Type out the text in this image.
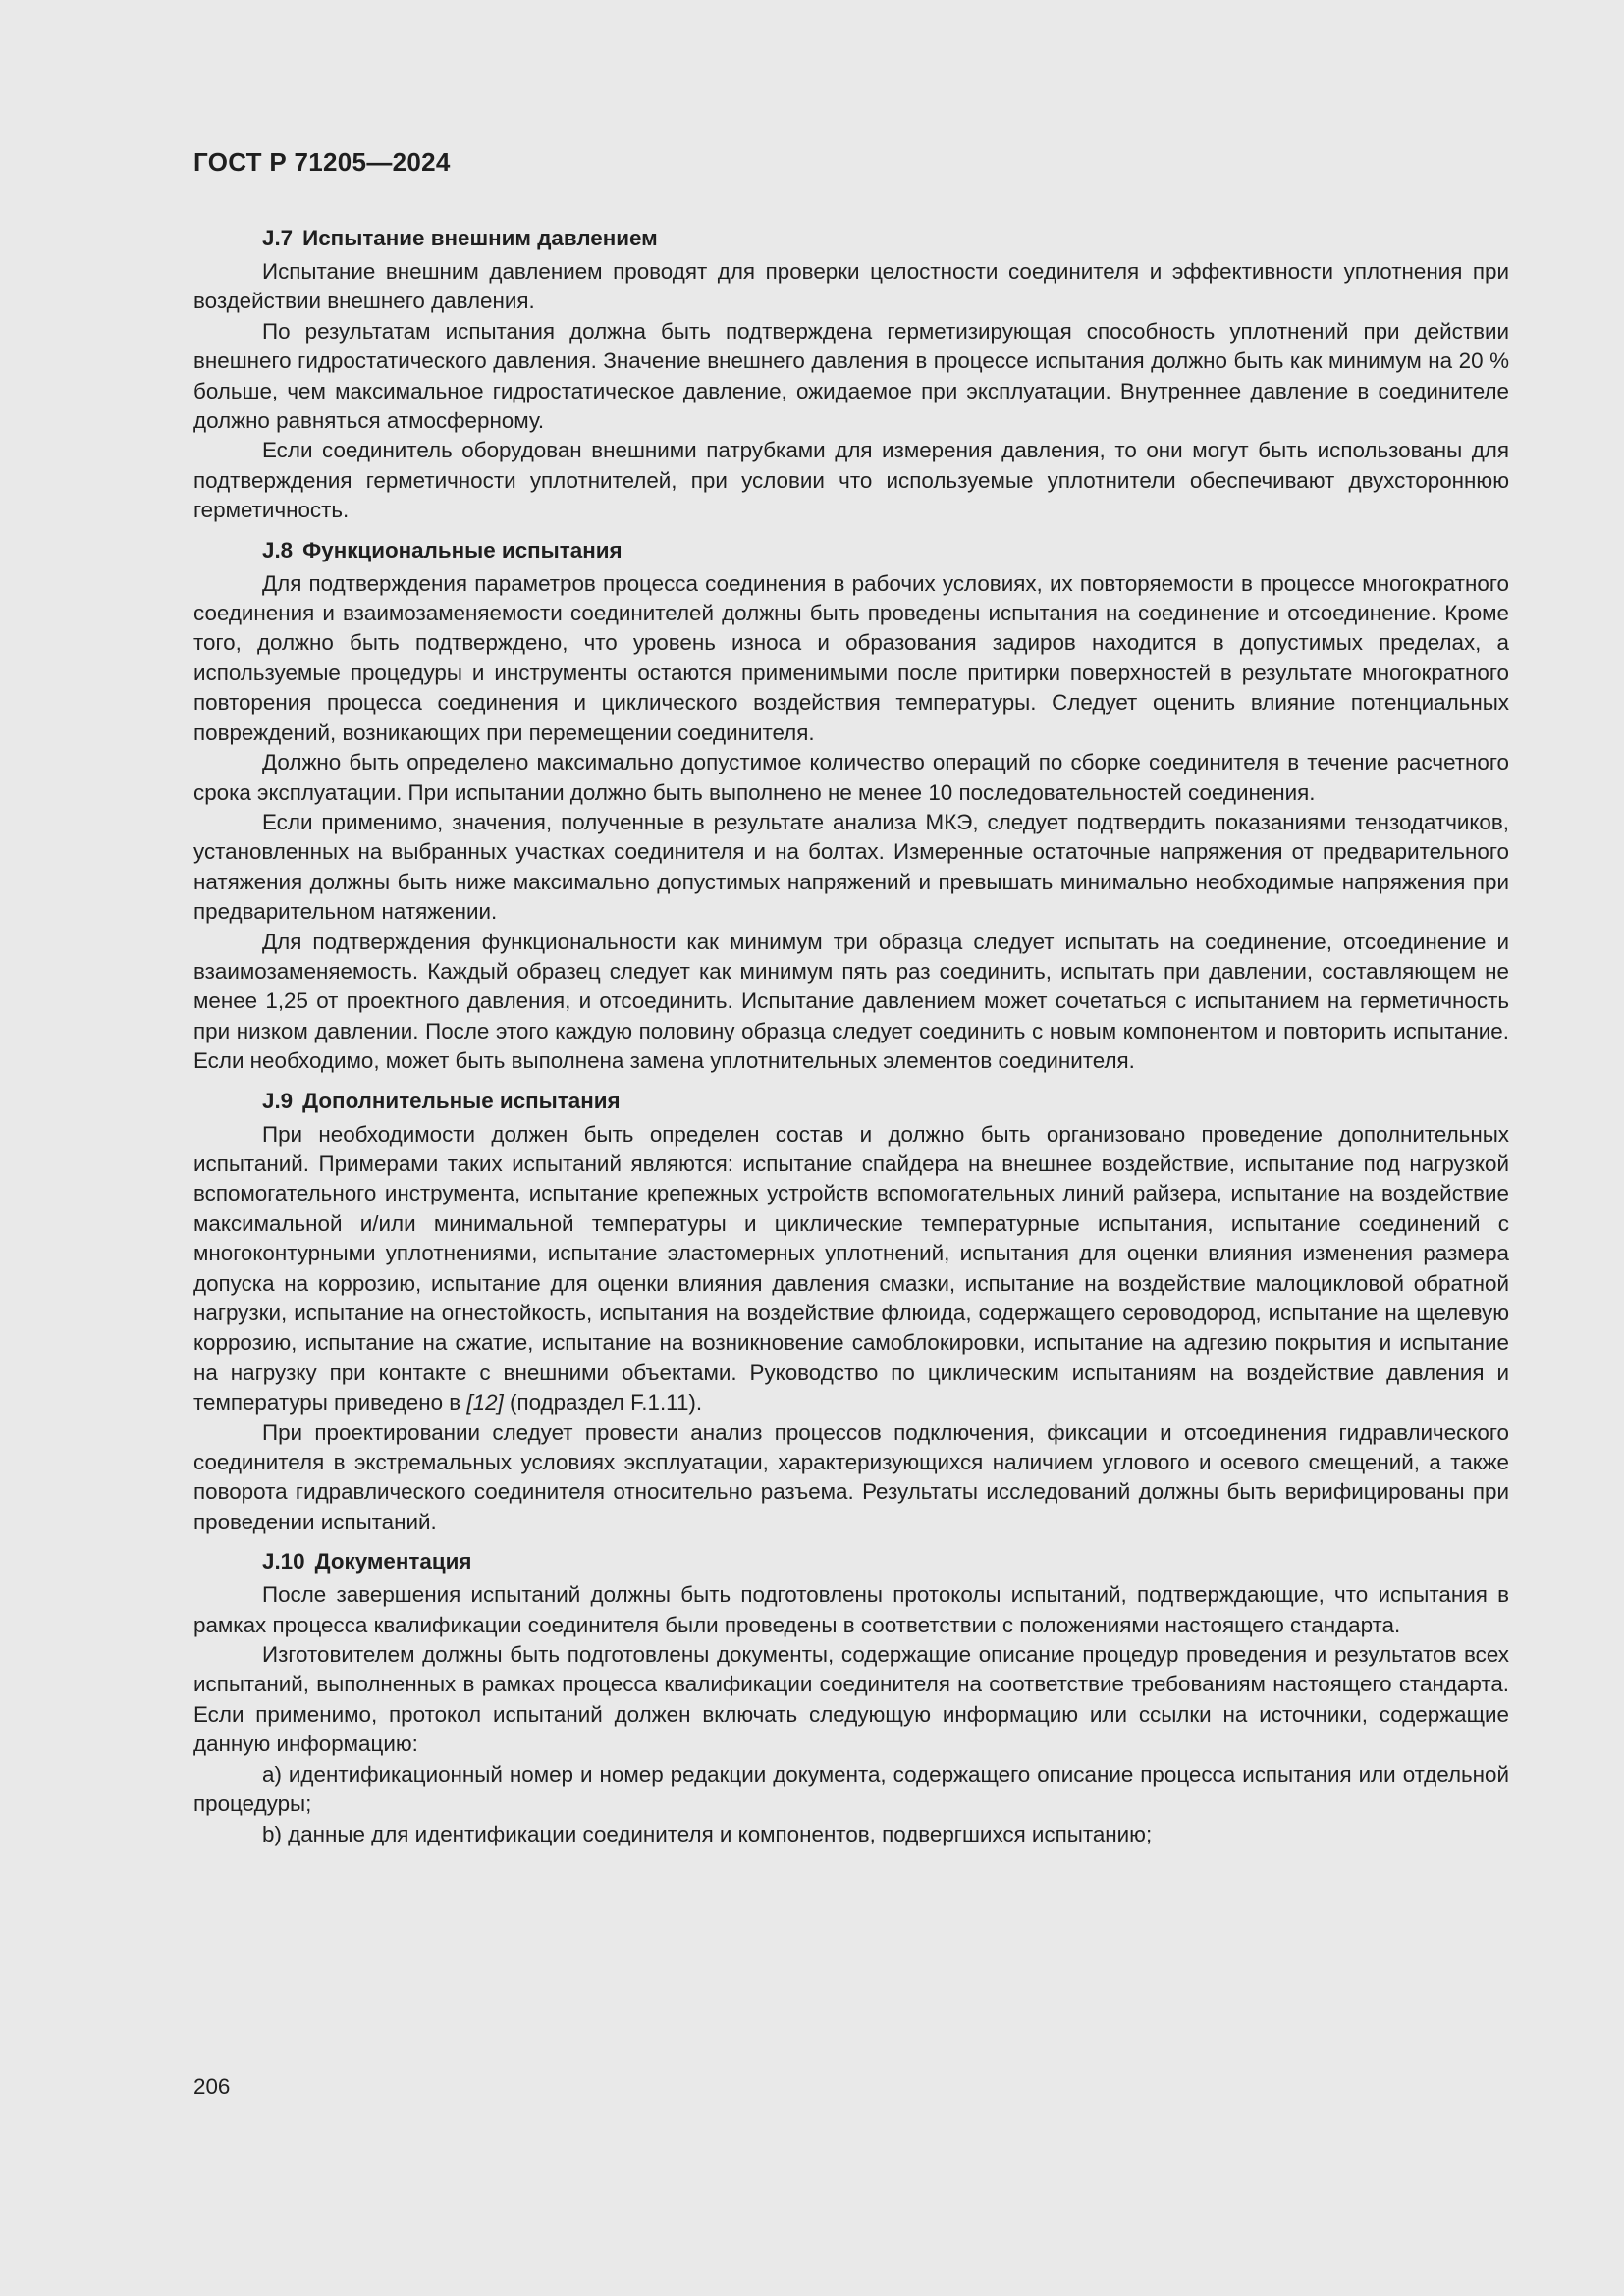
ГОСТ Р 71205—2024
J.7 Испытание внешним давлением

Испытание внешним давлением проводят для проверки целостности соединителя и эффективности уплотнения при воздействии внешнего давления.

По результатам испытания должна быть подтверждена герметизирующая способность уплотнений при действии внешнего гидростатического давления. Значение внешнего давления в процессе испытания должно быть как минимум на 20 % больше, чем максимальное гидростатическое давление, ожидаемое при эксплуатации. Внутреннее давление в соединителе должно равняться атмосферному.

Если соединитель оборудован внешними патрубками для измерения давления, то они могут быть использованы для подтверждения герметичности уплотнителей, при условии что используемые уплотнители обеспечивают двухстороннюю герметичность.

J.8 Функциональные испытания

Для подтверждения параметров процесса соединения в рабочих условиях, их повторяемости в процессе многократного соединения и взаимозаменяемости соединителей должны быть проведены испытания на соединение и отсоединение. Кроме того, должно быть подтверждено, что уровень износа и образования задиров находится в допустимых пределах, а используемые процедуры и инструменты остаются применимыми после притирки поверхностей в результате многократного повторения процесса соединения и циклического воздействия температуры. Следует оценить влияние потенциальных повреждений, возникающих при перемещении соединителя.

Должно быть определено максимально допустимое количество операций по сборке соединителя в течение расчетного срока эксплуатации. При испытании должно быть выполнено не менее 10 последовательностей соединения.

Если применимо, значения, полученные в результате анализа МКЭ, следует подтвердить показаниями тензодатчиков, установленных на выбранных участках соединителя и на болтах. Измеренные остаточные напряжения от предварительного натяжения должны быть ниже максимально допустимых напряжений и превышать минимально необходимые напряжения при предварительном натяжении.

Для подтверждения функциональности как минимум три образца следует испытать на соединение, отсоединение и взаимозаменяемость. Каждый образец следует как минимум пять раз соединить, испытать при давлении, составляющем не менее 1,25 от проектного давления, и отсоединить. Испытание давлением может сочетаться с испытанием на герметичность при низком давлении. После этого каждую половину образца следует соединить с новым компонентом и повторить испытание. Если необходимо, может быть выполнена замена уплотнительных элементов соединителя.

J.9 Дополнительные испытания

При необходимости должен быть определен состав и должно быть организовано проведение дополнительных испытаний. Примерами таких испытаний являются: испытание спайдера на внешнее воздействие, испытание под нагрузкой вспомогательного инструмента, испытание крепежных устройств вспомогательных линий райзера, испытание на воздействие максимальной и/или минимальной температуры и циклические температурные испытания, испытание соединений с многоконтурными уплотнениями, испытание эластомерных уплотнений, испытания для оценки влияния изменения размера допуска на коррозию, испытание для оценки влияния давления смазки, испытание на воздействие малоцикловой обратной нагрузки, испытание на огнестойкость, испытания на воздействие флюида, содержащего сероводород, испытание на щелевую коррозию, испытание на сжатие, испытание на возникновение самоблокировки, испытание на адгезию покрытия и испытание на нагрузку при контакте с внешними объектами. Руководство по циклическим испытаниям на воздействие давления и температуры приведено в [12] (подраздел F.1.11).

При проектировании следует провести анализ процессов подключения, фиксации и отсоединения гидравлического соединителя в экстремальных условиях эксплуатации, характеризующихся наличием углового и осевого смещений, а также поворота гидравлического соединителя относительно разъема. Результаты исследований должны быть верифицированы при проведении испытаний.

J.10 Документация

После завершения испытаний должны быть подготовлены протоколы испытаний, подтверждающие, что испытания в рамках процесса квалификации соединителя были проведены в соответствии с положениями настоящего стандарта.

Изготовителем должны быть подготовлены документы, содержащие описание процедур проведения и результатов всех испытаний, выполненных в рамках процесса квалификации соединителя на соответствие требованиям настоящего стандарта. Если применимо, протокол испытаний должен включать следующую информацию или ссылки на источники, содержащие данную информацию:

a) идентификационный номер и номер редакции документа, содержащего описание процесса испытания или отдельной процедуры;

b) данные для идентификации соединителя и компонентов, подвергшихся испытанию;

206
